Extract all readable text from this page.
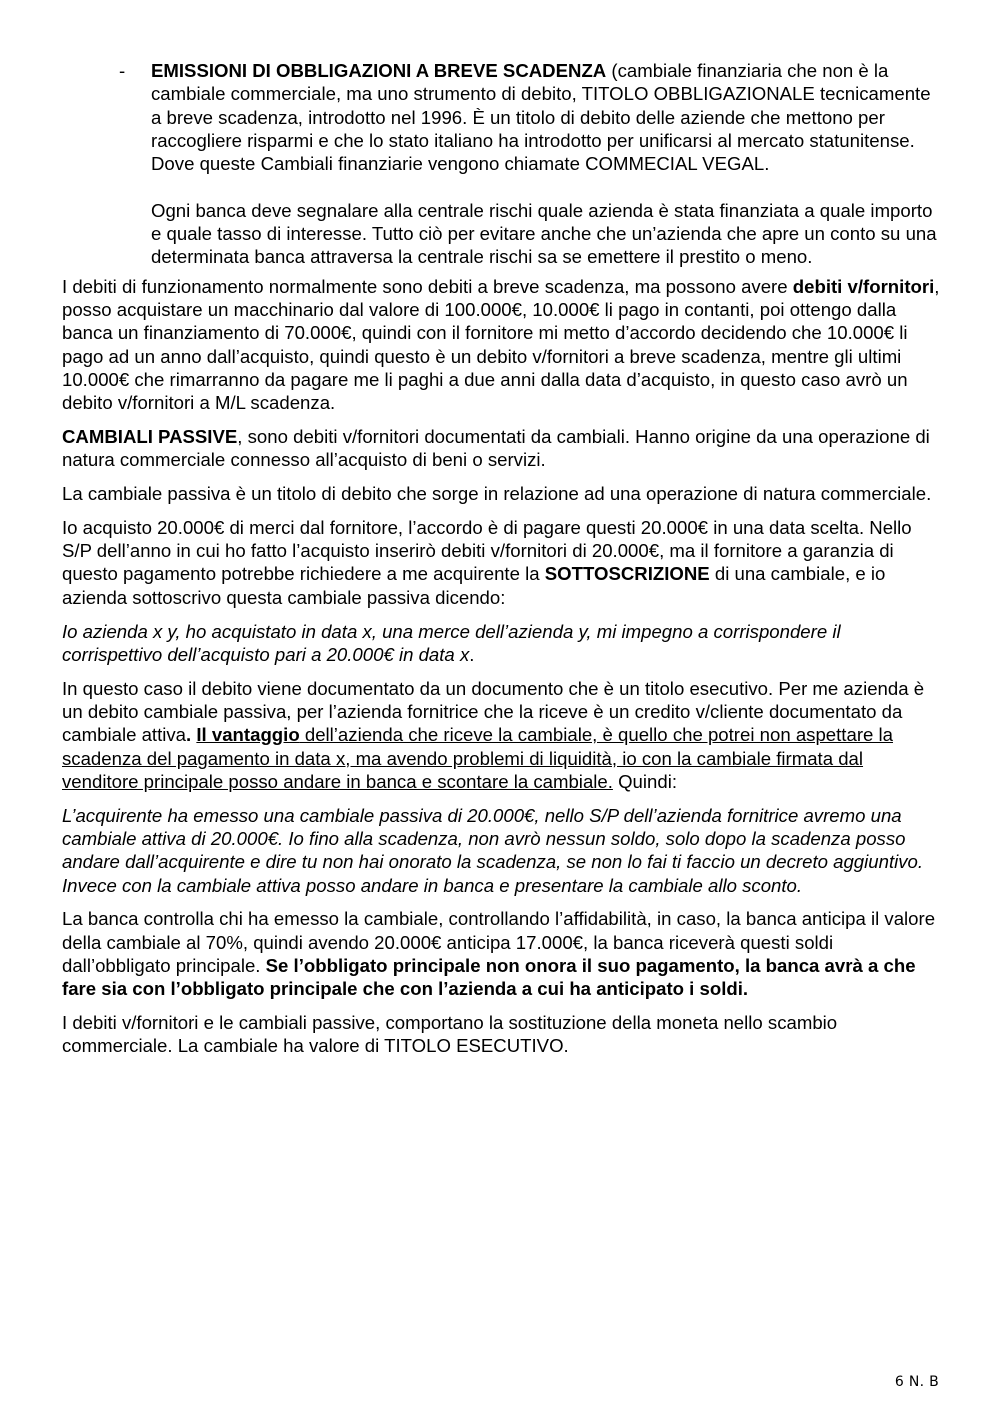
- EMISSIONI DI OBBLIGAZIONI A BREVE SCADENZA (cambiale finanziaria che non è la cambiale commerciale, ma uno strumento di debito, TITOLO OBBLIGAZIONALE tecnicamente a breve scadenza, introdotto nel 1996. È un titolo di debito delle aziende che mettono per raccogliere risparmi e che lo stato italiano ha introdotto per unificarsi al mercato statunitense. Dove queste Cambiali finanziarie vengono chiamate COMMECIAL VEGAL.

Ogni banca deve segnalare alla centrale rischi quale azienda è stata finanziata a quale importo e quale tasso di interesse. Tutto ciò per evitare anche che un’azienda che apre un conto su una determinata banca attraversa la centrale rischi sa se emettere il prestito o meno.

I debiti di funzionamento normalmente sono debiti a breve scadenza, ma possono avere debiti v/fornitori, posso acquistare un macchinario dal valore di 100.000€, 10.000€ li pago in contanti, poi ottengo dalla banca un finanziamento di 70.000€, quindi con il fornitore mi metto d’accordo decidendo che 10.000€ li pago ad un anno dall’acquisto, quindi questo è un debito v/fornitori a breve scadenza, mentre gli ultimi 10.000€ che rimarranno da pagare me li paghi a due anni dalla data d’acquisto, in questo caso avrò un debito v/fornitori a M/L scadenza.

CAMBIALI PASSIVE, sono debiti v/fornitori documentati da cambiali. Hanno origine da una operazione di natura commerciale connesso all’acquisto di beni o servizi.

La cambiale passiva è un titolo di debito che sorge in relazione ad una operazione di natura commerciale.

Io acquisto 20.000€ di merci dal fornitore, l’accordo è di pagare questi 20.000€ in una data scelta. Nello S/P dell’anno in cui ho fatto l’acquisto inserirò debiti v/fornitori di 20.000€, ma il fornitore a garanzia di questo pagamento potrebbe richiedere a me acquirente la SOTTOSCRIZIONE di una cambiale, e io azienda sottoscrivo questa cambiale passiva dicendo:

Io azienda x y, ho acquistato in data x, una merce dell’azienda y, mi impegno a corrispondere il corrispettivo dell’acquisto pari a 20.000€ in data x.

In questo caso il debito viene documentato da un documento che è un titolo esecutivo. Per me azienda è un debito cambiale passiva, per l’azienda fornitrice che la riceve è un credito v/cliente documentato da cambiale attiva. Il vantaggio dell’azienda che riceve la cambiale, è quello che potrei non aspettare la scadenza del pagamento in data x, ma avendo problemi di liquidità, io con la cambiale firmata dal venditore principale posso andare in banca e scontare la cambiale. Quindi:

L’acquirente ha emesso una cambiale passiva di 20.000€, nello S/P dell’azienda fornitrice avremo una cambiale attiva di 20.000€. Io fino alla scadenza, non avrò nessun soldo, solo dopo la scadenza posso andare dall’acquirente e dire tu non hai onorato la scadenza, se non lo fai ti faccio un decreto aggiuntivo. Invece con la cambiale attiva posso andare in banca e presentare la cambiale allo sconto.

La banca controlla chi ha emesso la cambiale, controllando l’affidabilità, in caso, la banca anticipa il valore della cambiale al 70%, quindi avendo 20.000€ anticipa 17.000€, la banca riceverà questi soldi dall’obbligato principale. Se l’obbligato principale non onora il suo pagamento, la banca avrà a che fare sia con l’obbligato principale che con l’azienda a cui ha anticipato i soldi.

I debiti v/fornitori e le cambiali passive, comportano la sostituzione della moneta nello scambio commerciale. La cambiale ha valore di TITOLO ESECUTIVO.

6 N. B
